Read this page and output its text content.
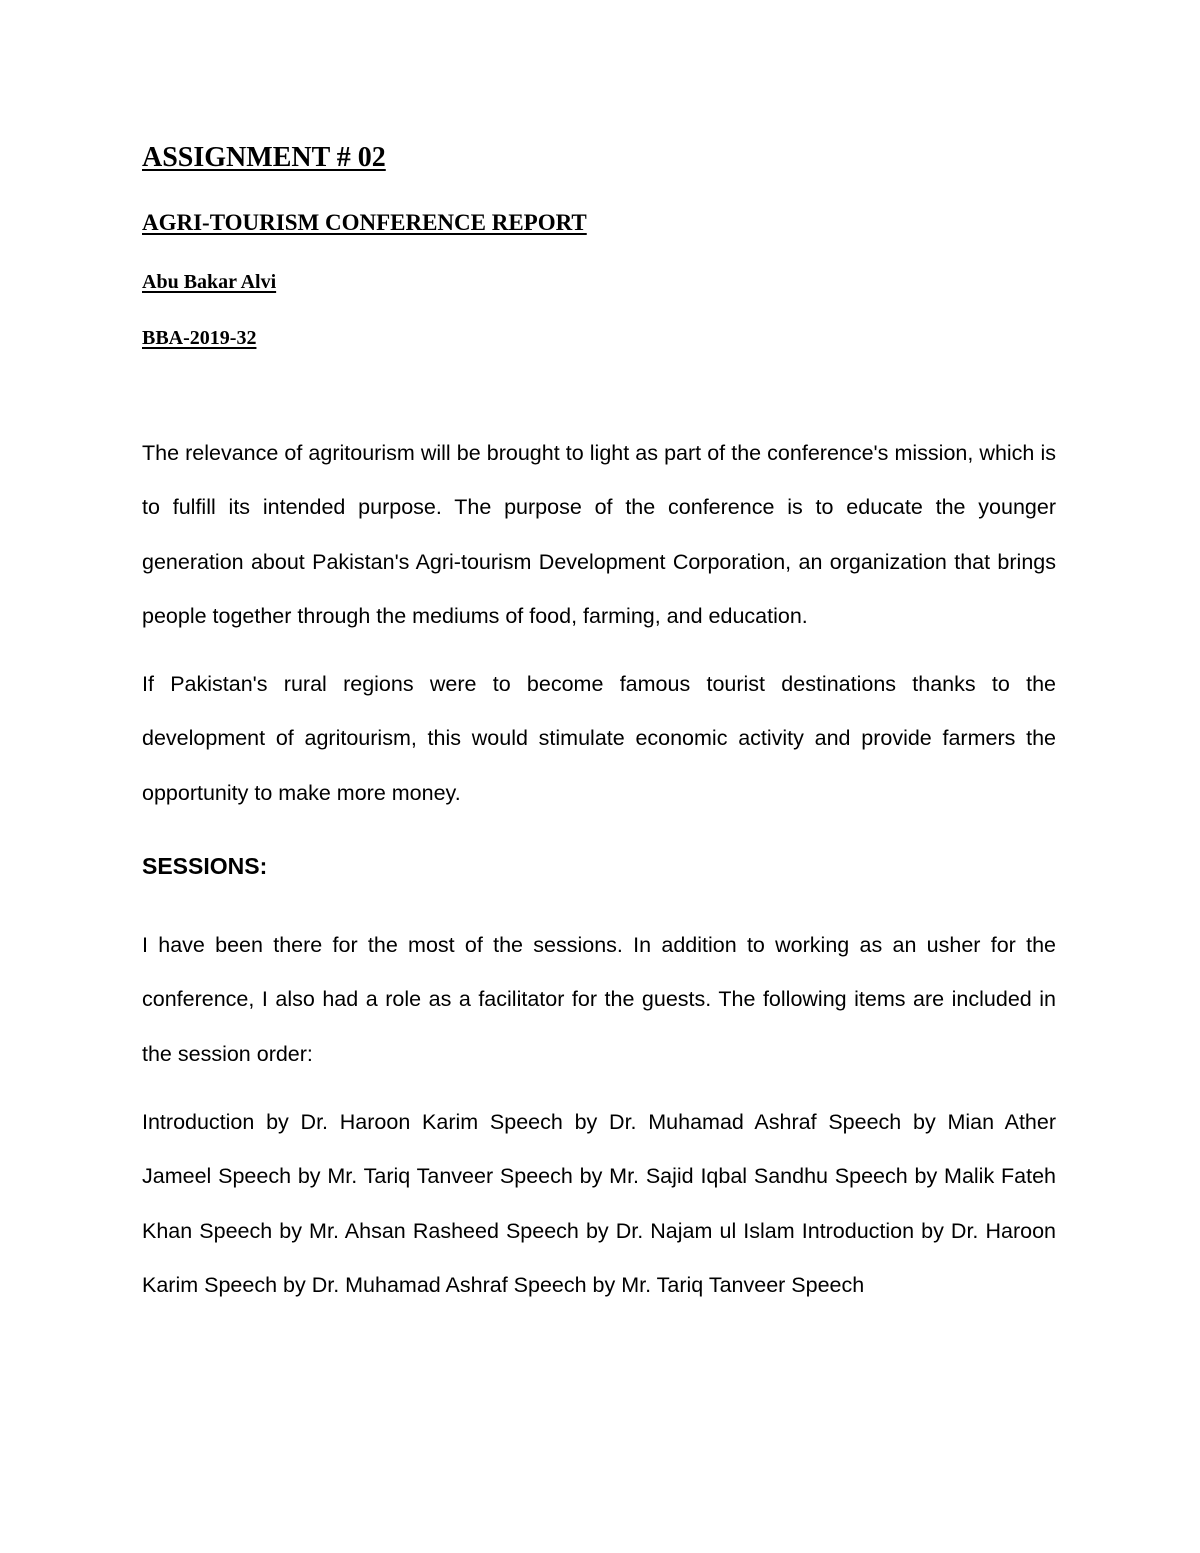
ASSIGNMENT # 02
AGRI-TOURISM CONFERENCE REPORT
Abu Bakar Alvi
BBA-2019-32

The relevance of agritourism will be brought to light as part of the conference's mission, which is to fulfill its intended purpose. The purpose of the conference is to educate the younger generation about Pakistan's Agri-tourism Development Corporation, an organization that brings people together through the mediums of food, farming, and education.

If Pakistan's rural regions were to become famous tourist destinations thanks to the development of agritourism, this would stimulate economic activity and provide farmers the opportunity to make more money.

SESSIONS:

I have been there for the most of the sessions. In addition to working as an usher for the conference, I also had a role as a facilitator for the guests. The following items are included in the session order:

Introduction by Dr. Haroon Karim Speech by Dr. Muhamad Ashraf Speech by Mian Ather Jameel Speech by Mr. Tariq Tanveer Speech by Mr. Sajid Iqbal Sandhu Speech by Malik Fateh Khan Speech by Mr. Ahsan Rasheed Speech by Dr. Najam ul Islam Introduction by Dr. Haroon Karim Speech by Dr. Muhamad Ashraf Speech by Mr. Tariq Tanveer Speech
